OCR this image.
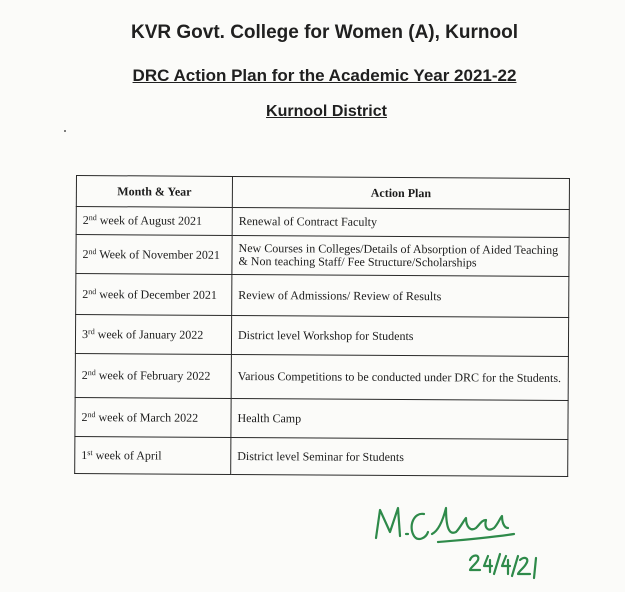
KVR Govt. College for Women (A), Kurnool
DRC Action Plan for the Academic Year 2021-22
Kurnool District
Month & Year	Action Plan
2nd week of August 2021	Renewal of Contract Faculty
2nd Week of November 2021	New Courses in Colleges/Details of Absorption of Aided Teaching & Non teaching Staff/ Fee Structure/Scholarships
2nd week of December 2021	Review of Admissions/ Review of Results
3rd week of January 2022	District level Workshop for Students
2nd week of February 2022	Various Competitions to be conducted under DRC for the Students.
2nd week of March 2022	Health Camp
1st week of April	District level Seminar for Students
